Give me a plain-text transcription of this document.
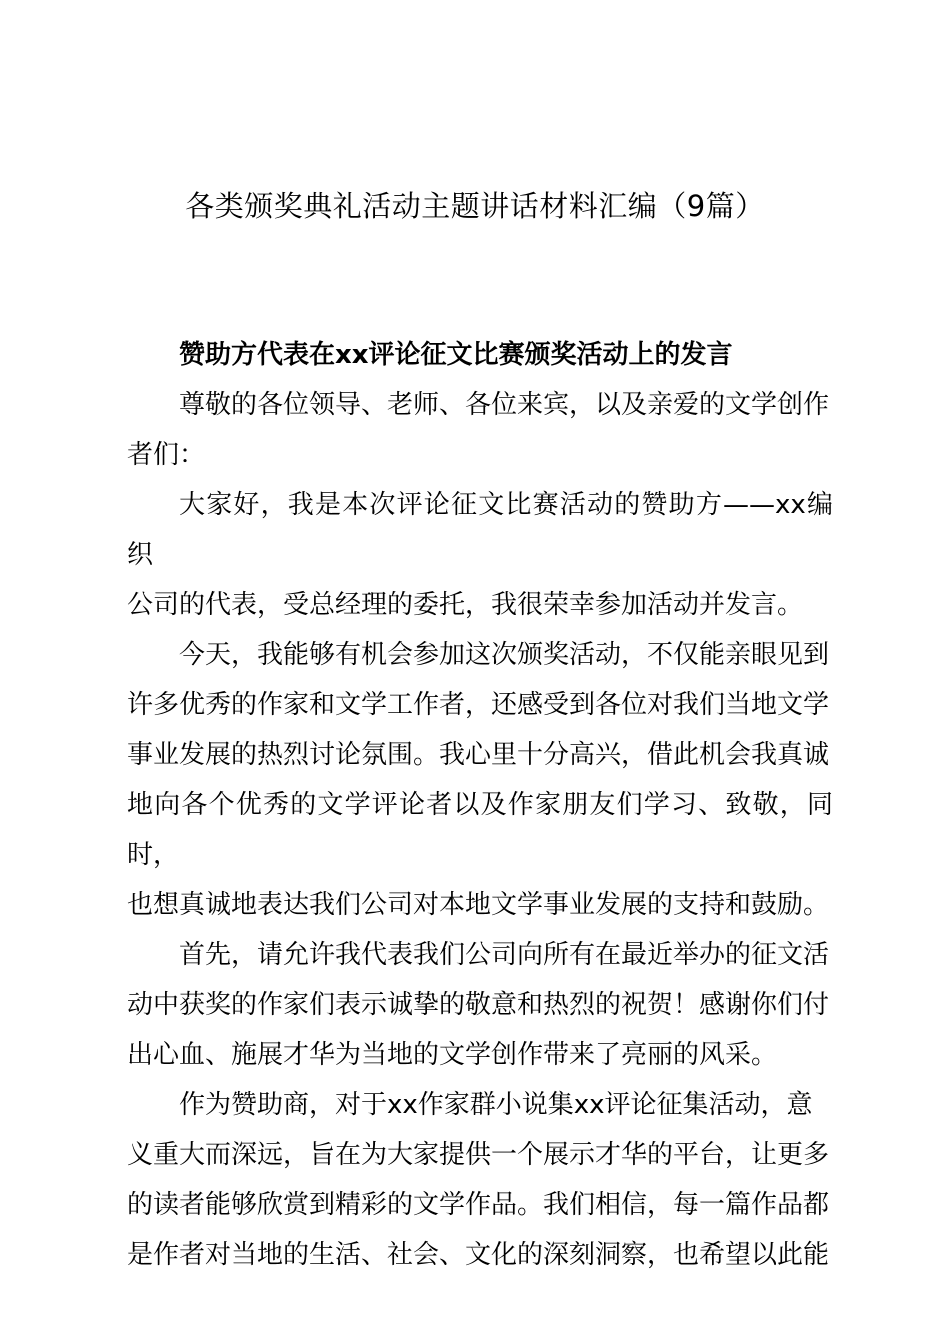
各类颁奖典礼活动主题讲话材料汇编（9篇）

赞助方代表在xx评论征文比赛颁奖活动上的发言

尊敬的各位领导、老师、各位来宾，以及亲爱的文学创作
者们：

大家好，我是本次评论征文比赛活动的赞助方——xx编织
公司的代表，受总经理的委托，我很荣幸参加活动并发言。

今天，我能够有机会参加这次颁奖活动，不仅能亲眼见到
许多优秀的作家和文学工作者，还感受到各位对我们当地文学
事业发展的热烈讨论氛围。我心里十分高兴，借此机会我真诚
地向各个优秀的文学评论者以及作家朋友们学习、致敬，同时，
也想真诚地表达我们公司对本地文学事业发展的支持和鼓励。

首先，请允许我代表我们公司向所有在最近举办的征文活
动中获奖的作家们表示诚挚的敬意和热烈的祝贺！感谢你们付
出心血、施展才华为当地的文学创作带来了亮丽的风采。

作为赞助商，对于xx作家群小说集xx评论征集活动，意
义重大而深远，旨在为大家提供一个展示才华的平台，让更多
的读者能够欣赏到精彩的文学作品。我们相信，每一篇作品都
是作者对当地的生活、社会、文化的深刻洞察，也希望以此能
